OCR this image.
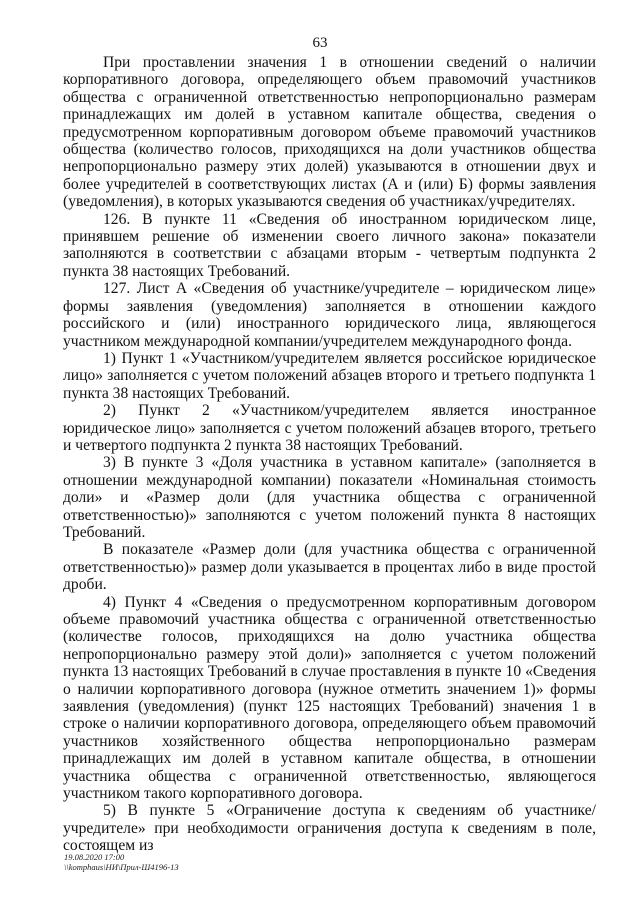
63

При проставлении значения 1 в отношении сведений о наличии корпоративного договора, определяющего объем правомочий участников общества с ограниченной ответственностью непропорционально размерам принадлежащих им долей в уставном капитале общества, сведения о предусмотренном корпоративным договором объеме правомочий участников общества (количество голосов, приходящихся на доли участников общества непропорционально размеру этих долей) указываются в отношении двух и более учредителей в соответствующих листах (А и (или) Б) формы заявления (уведомления), в которых указываются сведения об участниках/учредителях.

126. В пункте 11 «Сведения об иностранном юридическом лице, принявшем решение об изменении своего личного закона» показатели заполняются в соответствии с абзацами вторым - четвертым подпункта 2 пункта 38 настоящих Требований.

127. Лист А «Сведения об участнике/учредителе – юридическом лице» формы заявления (уведомления) заполняется в отношении каждого российского и (или) иностранного юридического лица, являющегося участником международной компании/учредителем международного фонда.

1) Пункт 1 «Участником/учредителем является российское юридическое лицо» заполняется с учетом положений абзацев второго и третьего подпункта 1 пункта 38 настоящих Требований.

2) Пункт 2 «Участником/учредителем является иностранное юридическое лицо» заполняется с учетом положений абзацев второго, третьего и четвертого подпункта 2 пункта 38 настоящих Требований.

3) В пункте 3 «Доля участника в уставном капитале» (заполняется в отношении международной компании) показатели «Номинальная стоимость доли» и «Размер доли (для участника общества с ограниченной ответственностью)» заполняются с учетом положений пункта 8 настоящих Требований.

В показателе «Размер доли (для участника общества с ограниченной ответственностью)» размер доли указывается в процентах либо в виде простой дроби.

4) Пункт 4 «Сведения о предусмотренном корпоративным договором объеме правомочий участника общества с ограниченной ответственностью (количестве голосов, приходящихся на долю участника общества непропорционально размеру этой доли)» заполняется с учетом положений пункта 13 настоящих Требований в случае проставления в пункте 10 «Сведения о наличии корпоративного договора (нужное отметить значением 1)» формы заявления (уведомления) (пункт 125 настоящих Требований) значения 1 в строке о наличии корпоративного договора, определяющего объем правомочий участников хозяйственного общества непропорционально размерам принадлежащих им долей в уставном капитале общества, в отношении участника общества с ограниченной ответственностью, являющегося участником такого корпоративного договора.

5) В пункте 5 «Ограничение доступа к сведениям об участнике/учредителе» при необходимости ограничения доступа к сведениям в поле, состоящем из

19.08.2020 17:00
\\komphaus\НИ\Прил-Ш4196-13
